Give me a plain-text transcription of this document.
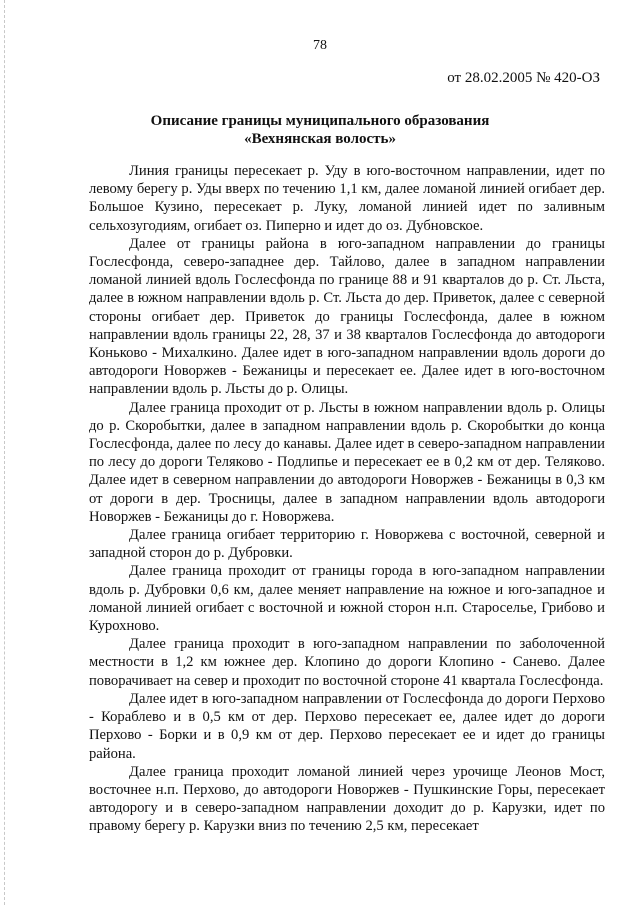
78
от 28.02.2005 № 420-ОЗ
Описание границы муниципального образования
«Вехнянская волость»

Линия границы пересекает р. Уду в юго-восточном направлении, идет по левому берегу р. Уды вверх по течению 1,1 км, далее ломаной линией огибает дер. Большое Кузино, пересекает р. Луку, ломаной линией идет по заливным сельхозугодиям, огибает оз. Пиперно и идет до оз. Дубновское.

Далее от границы района в юго-западном направлении до границы Гослесфонда, северо-западнее дер. Тайлово, далее в западном направлении ломаной линией вдоль Гослесфонда по границе 88 и 91 кварталов до р. Ст. Льста, далее в южном направлении вдоль р. Ст. Льста до дер. Приветок, далее с северной стороны огибает дер. Приветок до границы Гослесфонда, далее в южном направлении вдоль границы 22, 28, 37 и 38 кварталов Гослесфонда до автодороги Коньково - Михалкино. Далее идет в юго-западном направлении вдоль дороги до автодороги Новоржев - Бежаницы и пересекает ее. Далее идет в юго-восточном направлении вдоль р. Льсты до р. Олицы.

Далее граница проходит от р. Льсты в южном направлении вдоль р. Олицы до р. Скоробытки, далее в западном направлении вдоль р. Скоробытки до конца Гослесфонда, далее по лесу до канавы. Далее идет в северо-западном направлении по лесу до дороги Теляково - Подлипье и пересекает ее в 0,2 км от дер. Теляково. Далее идет в северном направлении до автодороги Новоржев - Бежаницы в 0,3 км от дороги в дер. Тросницы, далее в западном направлении вдоль автодороги Новоржев - Бежаницы до г. Новоржева.

Далее граница огибает территорию г. Новоржева с восточной, северной и западной сторон до р. Дубровки.

Далее граница проходит от границы города в юго-западном направлении вдоль р. Дубровки 0,6 км, далее меняет направление на южное и юго-западное и ломаной линией огибает с восточной и южной сторон н.п. Староселье, Грибово и Курохново.

Далее граница проходит в юго-западном направлении по заболоченной местности в 1,2 км южнее дер. Клопино до дороги Клопино - Санево. Далее поворачивает на север и проходит по восточной стороне 41 квартала Гослесфонда.

Далее идет в юго-западном направлении от Гослесфонда до дороги Перхово - Кораблево и в 0,5 км от дер. Перхово пересекает ее, далее идет до дороги Перхово - Борки и в 0,9 км от дер. Перхово пересекает ее и идет до границы района.

Далее граница проходит ломаной линией через урочище Леонов Мост, восточнее н.п. Перхово, до автодороги Новоржев - Пушкинские Горы, пересекает автодорогу и в северо-западном направлении доходит до р. Карузки, идет по правому берегу р. Карузки вниз по течению 2,5 км, пересекает
